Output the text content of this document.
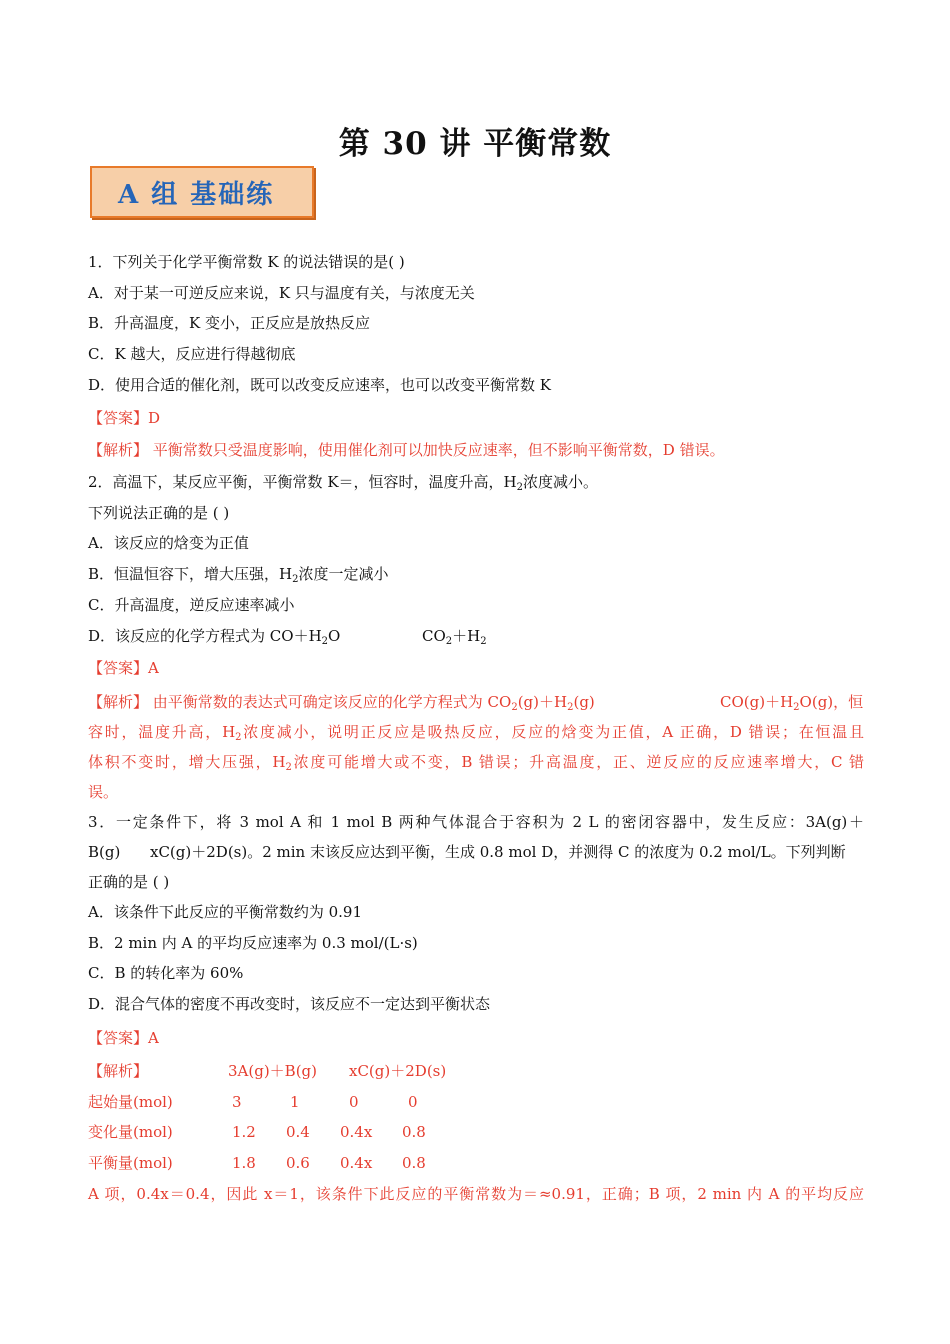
第 30 讲 平衡常数
A 组 基础练
1．下列关于化学平衡常数 K 的说法错误的是( )
A．对于某一可逆反应来说，K 只与温度有关，与浓度无关
B．升高温度，K 变小，正反应是放热反应
C．K 越大，反应进行得越彻底
D．使用合适的催化剂，既可以改变反应速率，也可以改变平衡常数 K
【答案】D
【解析】 平衡常数只受温度影响，使用催化剂可以加快反应速率，但不影响平衡常数，D 错误。
2．高温下，某反应平衡，平衡常数 K＝，恒容时，温度升高，$H_2$浓度减小。
下列说法正确的是 ( )
A．该反应的焓变为正值
B．恒温恒容下，增大压强，$H_2$浓度一定减小
C．升高温度，逆反应速率减小
D．该反应的化学方程式为 $CO+H_2O$	$CO_2+H_2$
【答案】A
【解析】 由平衡常数的表达式可确定该反应的化学方程式为 $CO_2(g)+H_2(g)$	$CO(g)+H_2O(g)$，恒
容时，温度升高，$H_2$浓度减小，说明正反应是吸热反应，反应的焓变为正值，A 正确，D 错误；在恒温且
体积不变时，增大压强，$H_2$浓度可能增大或不变，B 错误；升高温度，正、逆反应的反应速率增大，C 错
误。
3．一定条件下，将 3 mol A 和 1 mol B 两种气体混合于容积为 2 L 的密闭容器中，发生反应：3A(g)＋
B(g) xC(g)＋2D(s)。2 min 末该反应达到平衡，生成 0.8 mol D，并测得 C 的浓度为 0.2 mol/L。下列判断
正确的是 ( )
A．该条件下此反应的平衡常数约为 0.91
B．2 min 内 A 的平均反应速率为 0.3 mol/(L·s)
C．B 的转化率为 60%
D．混合气体的密度不再改变时，该反应不一定达到平衡状态
【答案】A
【解析】	3A(g)＋B(g) xC(g)＋2D(s)
起始量(mol)	3	1	0	0
变化量(mol)	1.2 0.4 0.4x 0.8
平衡量(mol)	1.8 0.6 0.4x 0.8
A 项，0.4x＝0.4，因此 x＝1，该条件下此反应的平衡常数为＝≈0.91，正确；B 项，2 min 内 A 的平均反应
